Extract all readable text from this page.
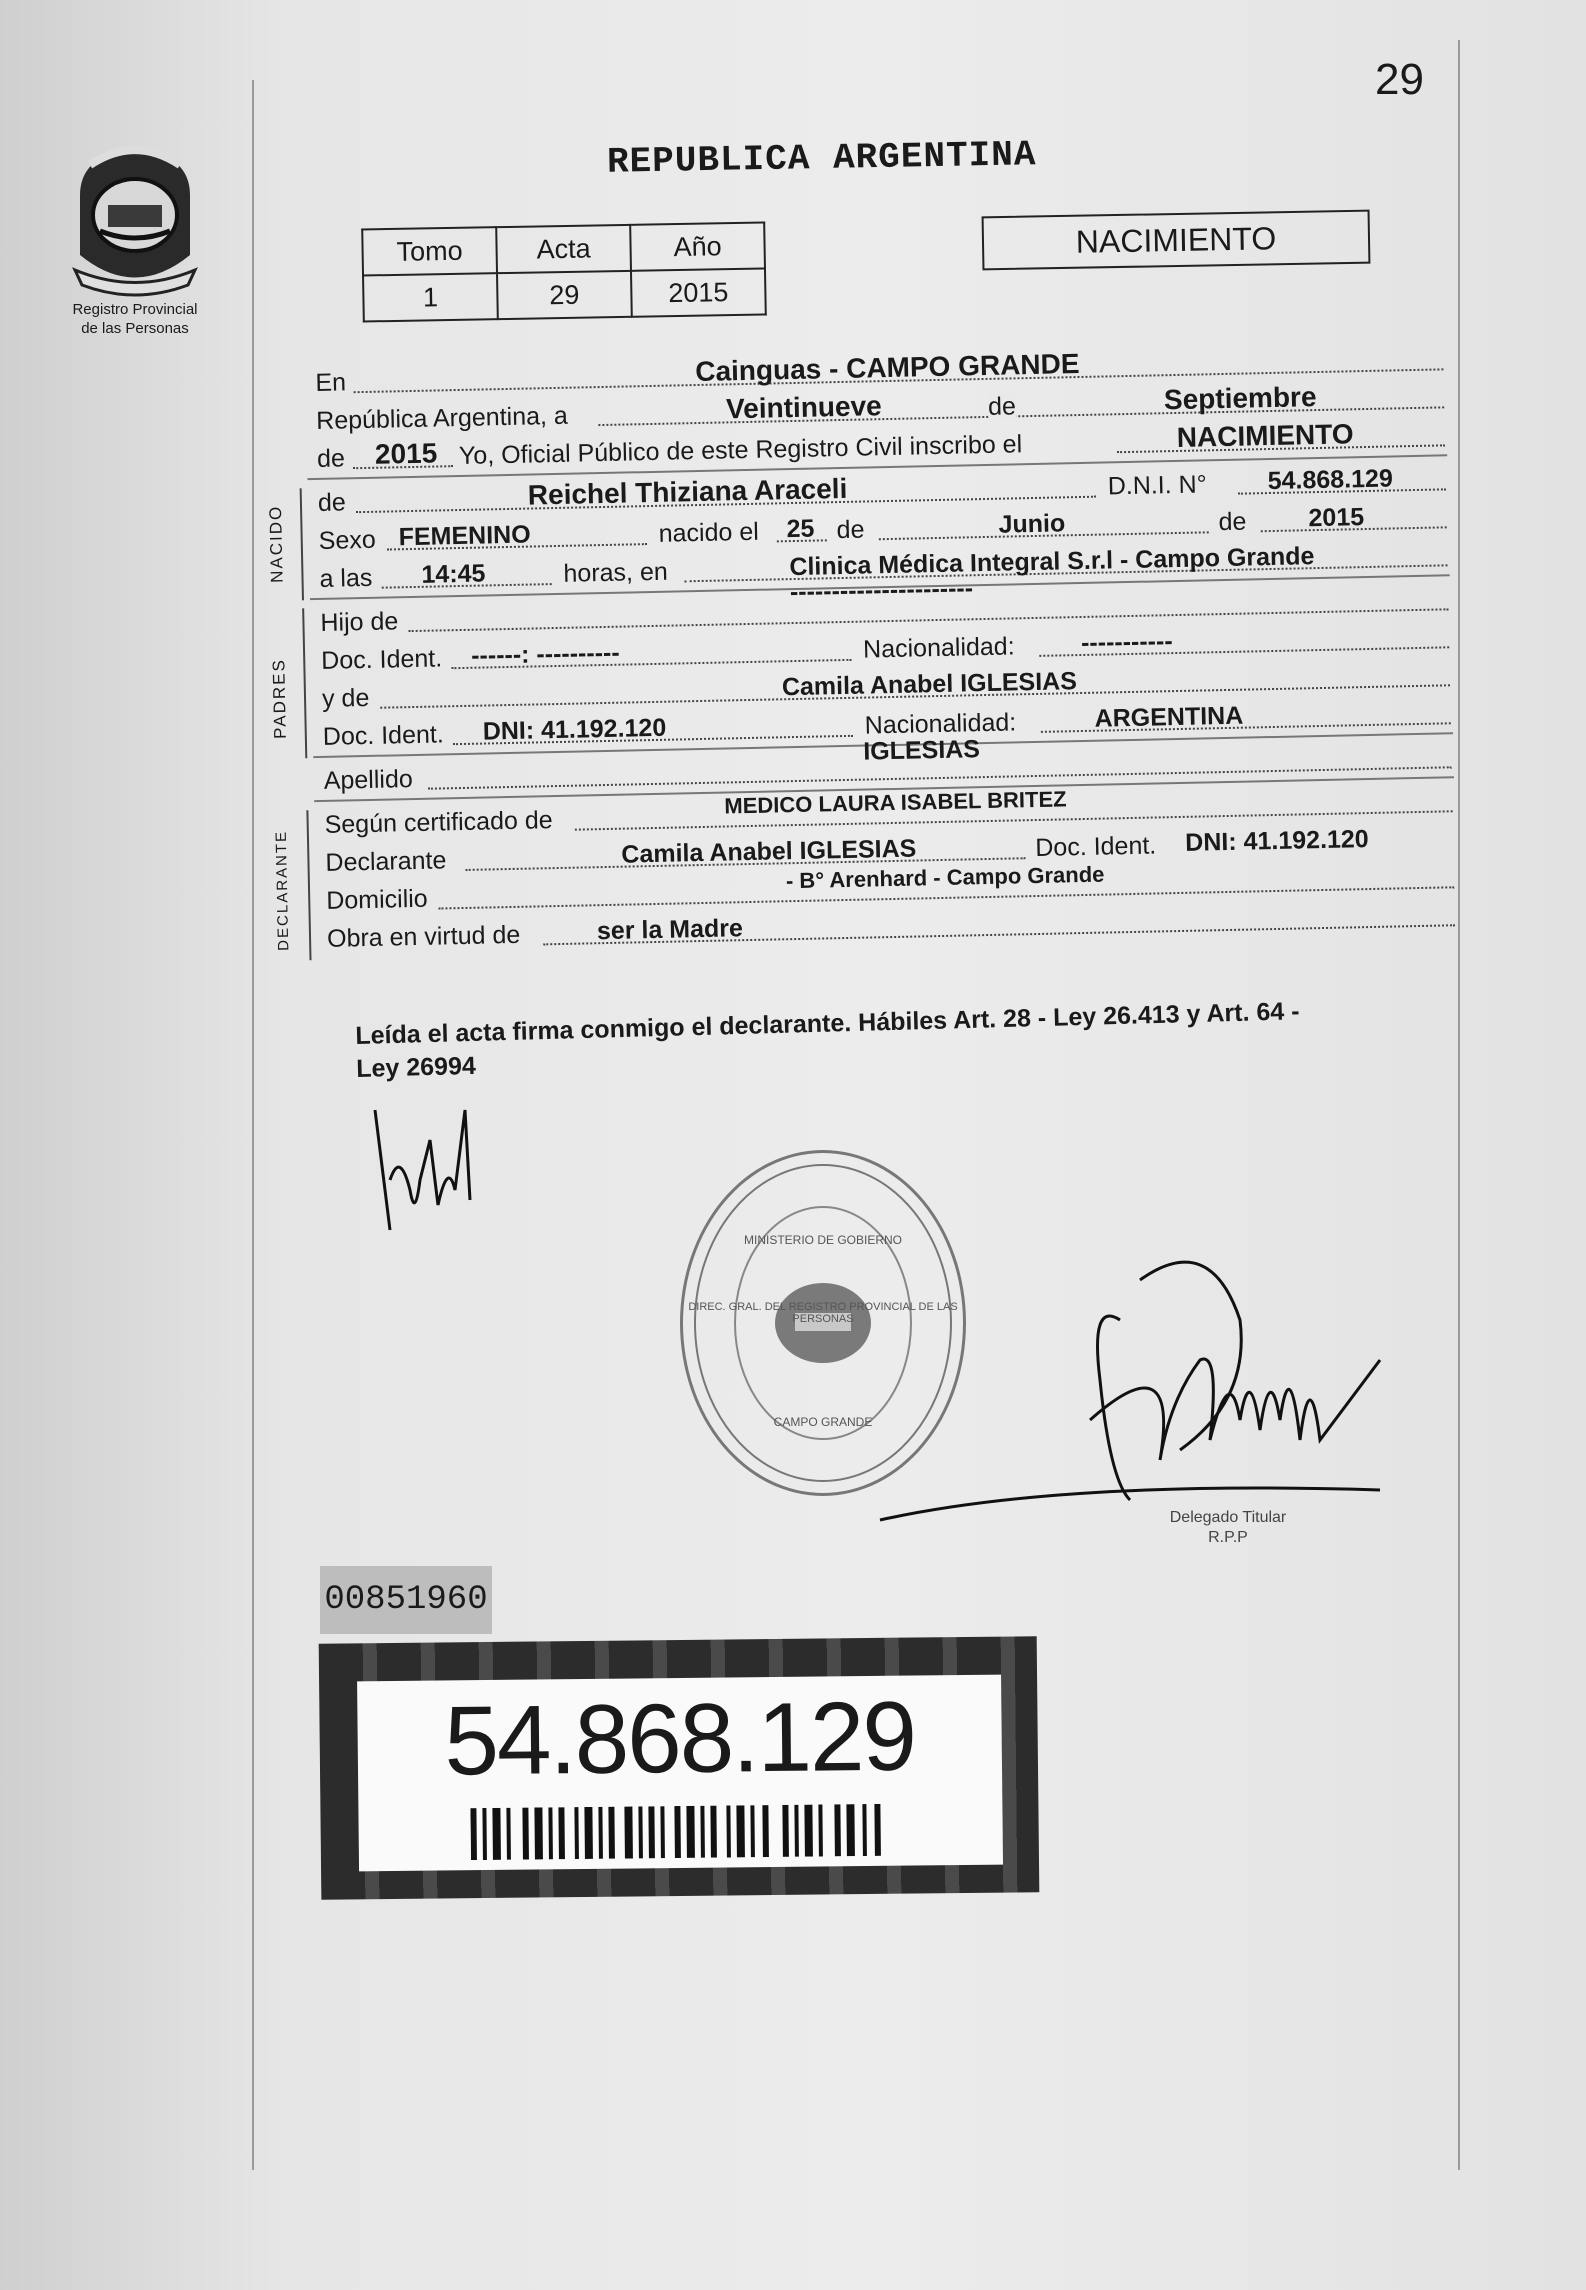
29
Registro Provincial
de las Personas
REPUBLICA ARGENTINA
Tomo	Acta	Año
1	29	2015
NACIMIENTO
En	Cainguas - CAMPO GRANDE
República Argentina, a	Veintinueve	de	Septiembre
de 2015 Yo, Oficial Público de este Registro Civil inscribo el	NACIMIENTO
NACIDO
de	Reichel Thiziana Araceli	D.N.I. N° 54.868.129
Sexo FEMENINO	nacido el 25 de	Junio	de 2015
a las 14:45	horas, en	Clinica Médica Integral S.r.l - Campo Grande
PADRES
Hijo de
----------------------
Doc. Ident. ------: ----------	Nacionalidad:	-----------
y de	Camila Anabel IGLESIAS
Doc. Ident. DNI: 41.192.120	Nacionalidad:	ARGENTINA
Apellido
IGLESIAS
DECLARANTE
Según certificado de
MEDICO LAURA ISABEL BRITEZ
Declarante	Camila Anabel IGLESIAS	Doc. Ident. DNI: 41.192.120
Domicilio
- B° Arenhard - Campo Grande
Obra en virtud de	ser la Madre
Leída el acta firma conmigo el declarante. Hábiles Art. 28 - Ley 26.413 y Art. 64 -
Ley 26994
DIREC. GRAL. DEL REGISTRO PROVINCIAL DE LAS PERSONAS
MINISTERIO DE GOBIERNO
CAMPO GRANDE
Delegado Titular
R.P.P
00851960
54.868.129
